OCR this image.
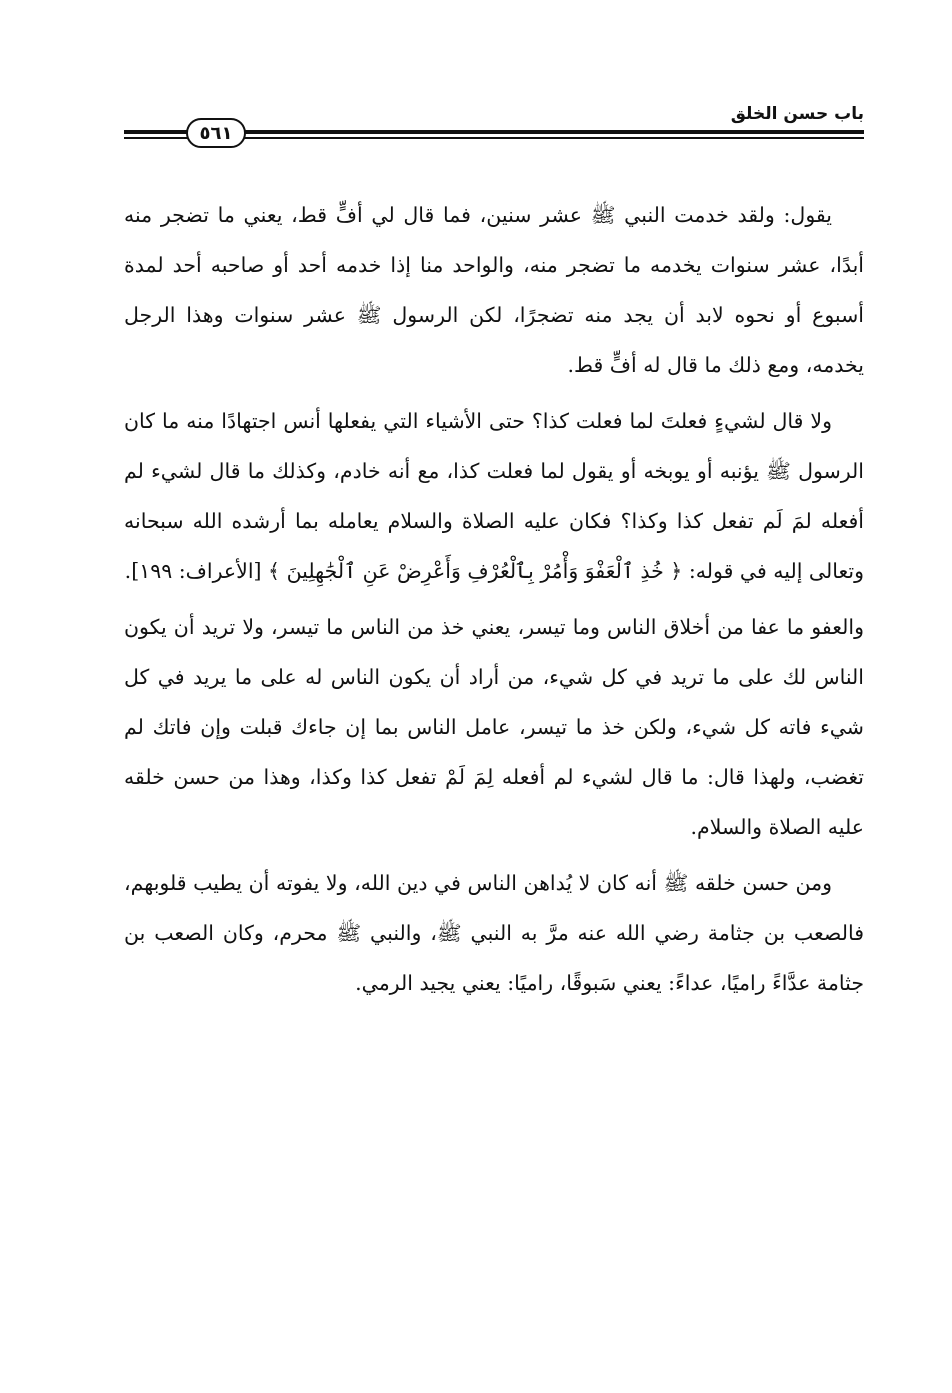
باب حسن الخلق
٥٦١

يقول: ولقد خدمت النبي ﷺ عشر سنين، فما قال لي أفٍّ قط، يعني ما تضجر منه أبدًا، عشر سنوات يخدمه ما تضجر منه، والواحد منا إذا خدمه أحد أو صاحبه أحد لمدة أسبوع أو نحوه لابد أن يجد منه تضجرًا، لكن الرسول ﷺ عشر سنوات وهذا الرجل يخدمه، ومع ذلك ما قال له أفٍّ قط.

ولا قال لشيءٍ فعلتَ لما فعلت كذا؟ حتى الأشياء التي يفعلها أنس اجتهادًا منه ما كان الرسول ﷺ يؤنبه أو يوبخه أو يقول لما فعلت كذا، مع أنه خادم، وكذلك ما قال لشيء لم أفعله لمَ لَم تفعل كذا وكذا؟ فكان عليه الصلاة والسلام يعامله بما أرشده الله سبحانه وتعالى إليه في قوله: ﴿ خُذِ ٱلْعَفْوَ وَأْمُرْ بِٱلْعُرْفِ وَأَعْرِضْ عَنِ ٱلْجَٰهِلِينَ ﴾ [الأعراف: ١٩٩].

والعفو ما عفا من أخلاق الناس وما تيسر، يعني خذ من الناس ما تيسر، ولا تريد أن يكون الناس لك على ما تريد في كل شيء، من أراد أن يكون الناس له على ما يريد في كل شيء فاته كل شيء، ولكن خذ ما تيسر، عامل الناس بما إن جاءك قبلت وإن فاتك لم تغضب، ولهذا قال: ما قال لشيء لم أفعله لِمَ لَمْ تفعل كذا وكذا، وهذا من حسن خلقه عليه الصلاة والسلام.

ومن حسن خلقه ﷺ أنه كان لا يُداهن الناس في دين الله، ولا يفوته أن يطيب قلوبهم، فالصعب بن جثامة رضي الله عنه مرَّ به النبي ﷺ، والنبي ﷺ محرم، وكان الصعب بن جثامة عدَّاءً راميًا، عداءً: يعني سَبوقًا، راميًا: يعني يجيد الرمي.
